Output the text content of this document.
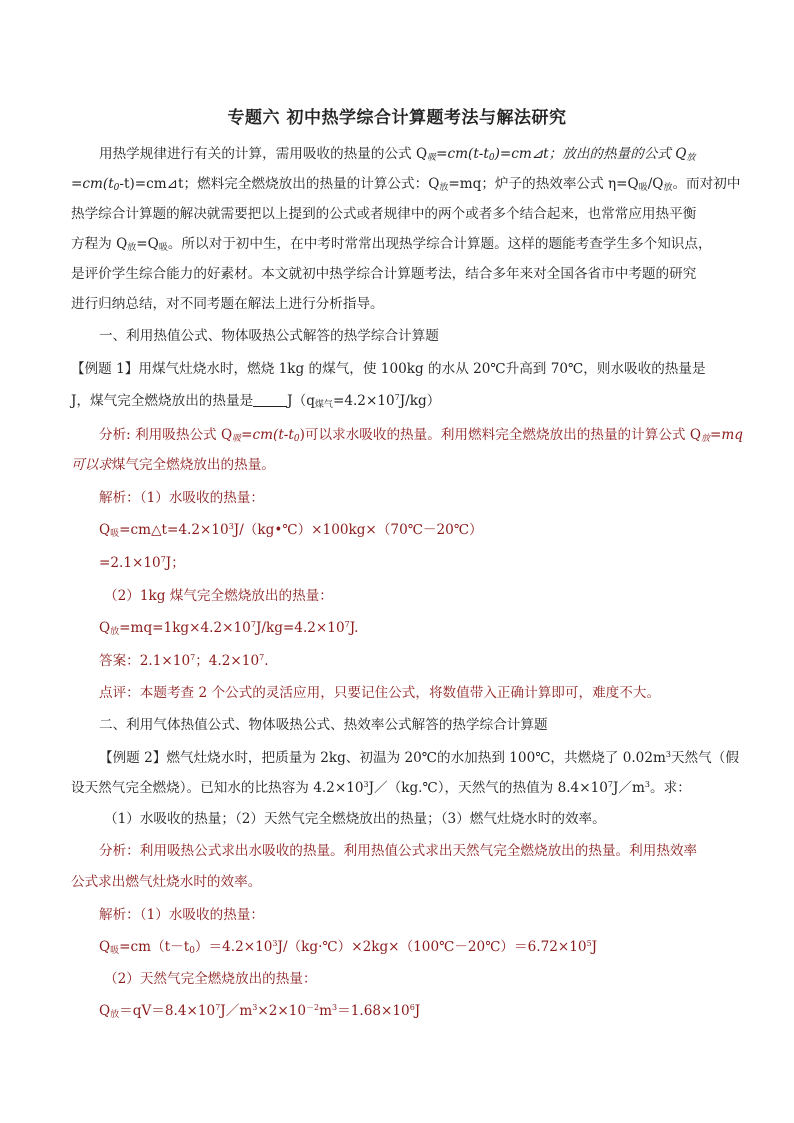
专题六 初中热学综合计算题考法与解法研究
用热学规律进行有关的计算，需用吸收的热量的公式 $Q_吸=cm(t-t_0)=cm⊿t$；放出的热量的公式 $Q_放$
$=cm(t_0-t)=cm⊿t$；燃料完全燃烧放出的热量的计算公式：$Q_放=mq$；炉子的热效率公式 $\eta=Q_吸/Q_放$。而对初中
热学综合计算题的解决就需要把以上提到的公式或者规律中的两个或者多个结合起来，也常常应用热平衡
方程为 $Q_放=Q_吸$。所以对于初中生，在中考时常常出现热学综合计算题。这样的题能考查学生多个知识点，
是评价学生综合能力的好素材。本文就初中热学综合计算题考法，结合多年来对全国各省市中考题的研究
进行归纳总结，对不同考题在解法上进行分析指导。
一、利用热值公式、物体吸热公式解答的热学综合计算题
【例题 1】用煤气灶烧水时，燃烧 1kg 的煤气，使 100kg 的水从 20℃升高到 70℃，则水吸收的热量是
J，煤气完全燃烧放出的热量是	$J(q_{煤气}=4.2\times 10^7J/kg)$
分析: 利用吸热公式 $Q_吸=cm(t-t_0)$可以求水吸收的热量。利用燃料完全燃烧放出的热量的计算公式 $Q_放=mq$
可以求煤气完全燃烧放出的热量。
解析：（1）水吸收的热量：
$Q_吸=cm\triangle t=4.2\times 10^3J/(kg•℃)\times 100kg\times(70℃-20℃)$
$=2.1\times 10^7J$；
（2）1kg 煤气完全燃烧放出的热量：
$Q_放=mq=1kg\times 4.2\times 10^7J/kg=4.2\times 10^7J$.
答案：$2.1\times 10^7$；$4.2\times 10^7$.
点评：本题考查 2 个公式的灵活应用，只要记住公式，将数值带入正确计算即可，难度不大。
二、利用气体热值公式、物体吸热公式、热效率公式解答的热学综合计算题
【例题 2】燃气灶烧水时，把质量为 2kg、初温为 20℃的水加热到 100℃，共燃烧了 $0.02m^3$天然气（假
设天然气完全燃烧）。已知水的比热容为 $4.2\times 10^3J/(kg.℃)$，天然气的热值为 $8.4\times 10^7J/m^3$。求：
（1）水吸收的热量；（2）天然气完全燃烧放出的热量；（3）燃气灶烧水时的效率。
分析：利用吸热公式求出水吸收的热量。利用热值公式求出天然气完全燃烧放出的热量。利用热效率
公式求出燃气灶烧水时的效率。
解析：（1）水吸收的热量：
$Q_吸=cm(t-t_0)=4.2\times 10^3J/(kg\cdot℃)\times 2kg\times(100℃-20℃)=6.72\times 10^5J$
（2）天然气完全燃烧放出的热量：
$Q_放=qV=8.4\times 10^7J/m^3\times 2\times 10^{-2}m^3=1.68\times 10^6J$
